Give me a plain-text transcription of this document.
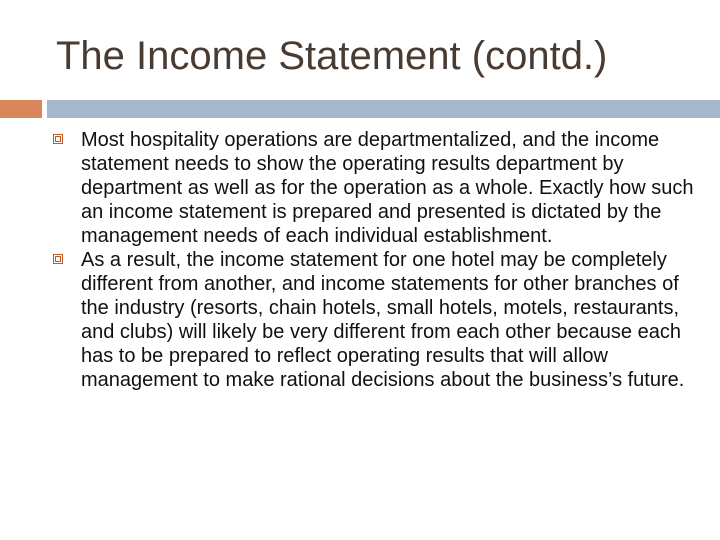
The Income Statement (contd.)
Most hospitality operations are departmentalized, and the income statement needs to show the operating results department by department as well as for the operation as a whole. Exactly how such an income statement is prepared and presented is dictated by the management needs of each individual establishment.
As a result, the income statement for one hotel may be completely different from another, and income statements for other branches of the industry (resorts, chain hotels, small hotels, motels, restaurants, and clubs) will likely be very different from each other because each has to be prepared to reflect operating results that will allow management to make rational decisions about the business’s future.
